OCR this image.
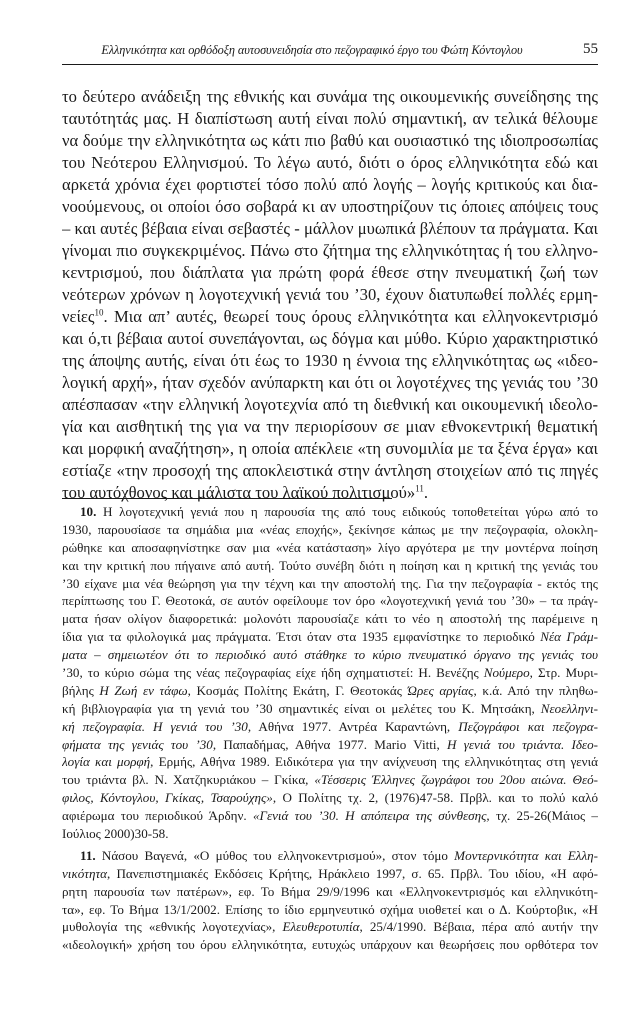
Ελληνικότητα και ορθόδοξη αυτοσυνειδησία στο πεζογραφικό έργο του Φώτη Κόντογλου	55
το δεύτερο ανάδειξη της εθνικής και συνάμα της οικουμενικής συνείδησης της
ταυτότητάς μας. Η διαπίστωση αυτή είναι πολύ σημαντική, αν τελικά θέλουμε
να δούμε την ελληνικότητα ως κάτι πιο βαθύ και ουσιαστικό της ιδιοπροσωπίας
του Νεότερου Ελληνισμού. Το λέγω αυτό, διότι ο όρος ελληνικότητα εδώ και
αρκετά χρόνια έχει φορτιστεί τόσο πολύ από λογής – λογής κριτικούς και δια-
νοούμενους, οι οποίοι όσο σοβαρά κι αν υποστηρίζουν τις όποιες απόψεις τους
– και αυτές βέβαια είναι σεβαστές - μάλλον μυωπικά βλέπουν τα πράγματα. Και
γίνομαι πιο συγκεκριμένος. Πάνω στο ζήτημα της ελληνικότητας ή του ελληνο-
κεντρισμού, που διάπλατα για πρώτη φορά έθεσε στην πνευματική ζωή των
νεότερων χρόνων η λογοτεχνική γενιά του ’30, έχουν διατυπωθεί πολλές ερμη-
νείες$^{10}$. Μια απ’ αυτές, θεωρεί τους όρους ελληνικότητα και ελληνοκεντρισμό
και ό,τι βέβαια αυτοί συνεπάγονται, ως δόγμα και μύθο. Κύριο χαρακτηριστικό
της άποψης αυτής, είναι ότι έως το 1930 η έννοια της ελληνικότητας ως «ιδεο-
λογική αρχή», ήταν σχεδόν ανύπαρκτη και ότι οι λογοτέχνες της γενιάς του ’30
απέσπασαν «την ελληνική λογοτεχνία από τη διεθνική και οικουμενική ιδεολο-
γία και αισθητική της για να την περιορίσουν σε μιαν εθνοκεντρική θεματική
και μορφική αναζήτηση», η οποία απέκλειε «τη συνομιλία με τα ξένα έργα» και
εστίαζε «την προσοχή της αποκλειστικά στην άντληση στοιχείων από τις πηγές
του αυτόχθονος και μάλιστα του λαϊκού πολιτισμού»$^{11}$.
10. Η λογοτεχνική γενιά που η παρουσία της από τους ειδικούς τοποθετείται γύρω από το
1930, παρουσίασε τα σημάδια μια «νέας εποχής», ξεκίνησε κάπως με την πεζογραφία, ολοκλη-
ρώθηκε και αποσαφηνίστηκε σαν μια «νέα κατάσταση» λίγο αργότερα με την μοντέρνα ποίηση
και την κριτική που πήγαινε από αυτή. Τούτο συνέβη διότι η ποίηση και η κριτική της γενιάς του
’30 είχανε μια νέα θεώρηση για την τέχνη και την αποστολή της. Για την πεζογραφία - εκτός της
περίπτωσης του Γ. Θεοτοκά, σε αυτόν οφείλουμε τον όρο «λογοτεχνική γενιά του ’30» – τα πράγ-
ματα ήσαν ολίγον διαφορετικά: μολονότι παρουσίαζε κάτι το νέο η αποστολή της παρέμεινε η
ίδια για τα φιλολογικά μας πράγματα. Έτσι όταν στα 1935 εμφανίστηκε το περιοδικό Νέα Γράμ-
ματα – σημειωτέον ότι το περιοδικό αυτό στάθηκε το κύριο πνευματικό όργανο της γενιάς του
’30, το κύριο σώμα της νέας πεζογραφίας είχε ήδη σχηματιστεί: Η. Βενέζης Νούμερο, Στρ. Μυρι-
βήλης Η Ζωή εν τάφω, Κοσμάς Πολίτης Εκάτη, Γ. Θεοτοκάς Ώρες αργίας, κ.ά. Από την πληθω-
κή βιβλιογραφία για τη γενιά του ’30 σημαντικές είναι οι μελέτες του Κ. Μητσάκη, Νεοελληνι-
κή πεζογραφία. Η γενιά του ’30, Αθήνα 1977. Αντρέα Καραντώνη, Πεζογράφοι και πεζογρα-
φήματα της γενιάς του ’30, Παπαδήμας, Αθήνα 1977. Mario Vitti, Η γενιά του τριάντα. Ιδεο-
λογία και μορφή, Ερμής, Αθήνα 1989. Ειδικότερα για την ανίχνευση της ελληνικότητας στη γενιά
του τριάντα βλ. Ν. Χατζηκυριάκου – Γκίκα, «Τέσσερις Έλληνες ζωγράφοι του 20ου αιώνα. Θεό-
φιλος, Κόντογλου, Γκίκας, Τσαρούχης», Ο Πολίτης τχ. 2, (1976)47-58. Πρβλ. και το πολύ καλό
αφιέρωμα του περιοδικού Άρδην. «Γενιά του ’30. Η απόπειρα της σύνθεσης, τχ. 25-26(Μάιος –
Ιούλιος 2000)30-58.
11. Νάσου Βαγενά, «Ο μύθος του ελληνοκεντρισμού», στον τόμο Μοντερνικότητα και Ελλη-
νικότητα, Πανεπιστημιακές Εκδόσεις Κρήτης, Ηράκλειο 1997, σ. 65. Πρβλ. Του ιδίου, «Η αφό-
ρητη παρουσία των πατέρων», εφ. Το Βήμα 29/9/1996 και «Ελληνοκεντρισμός και ελληνικότη-
τα», εφ. Το Βήμα 13/1/2002. Επίσης το ίδιο ερμηνευτικό σχήμα υιοθετεί και ο Δ. Κούρτοβικ, «Η
μυθολογία της «εθνικής λογοτεχνίας», Ελευθεροτυπία, 25/4/1990. Βέβαια, πέρα από αυτήν την
«ιδεολογική» χρήση του όρου ελληνικότητα, ευτυχώς υπάρχουν και θεωρήσεις που ορθότερα τον
